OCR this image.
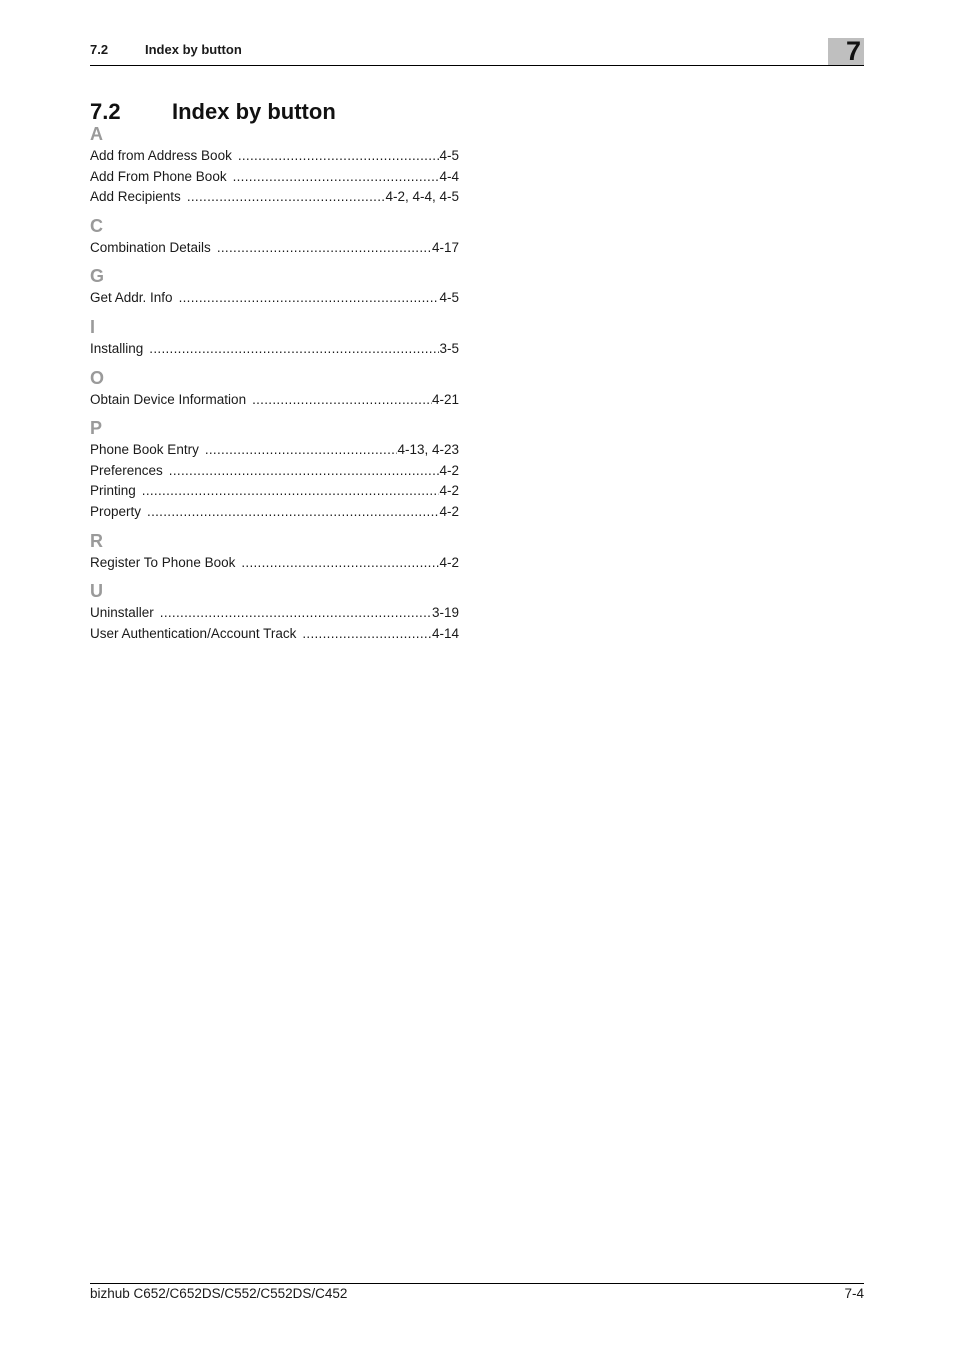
7.2	Index by button	7
7.2 Index by button
A
Add from Address Book .....	4-5
Add From Phone Book .....	4-4
Add Recipients .....	4-2, 4-4, 4-5
C
Combination Details .....	4-17
G
Get Addr. Info .....	4-5
I
Installing .....	3-5
O
Obtain Device Information .....	4-21
P
Phone Book Entry .....	4-13, 4-23
Preferences .....	4-2
Printing .....	4-2
Property .....	4-2
R
Register To Phone Book .....	4-2
U
Uninstaller .....	3-19
User Authentication/Account Track .....	4-14
bizhub C652/C652DS/C552/C552DS/C452	7-4
